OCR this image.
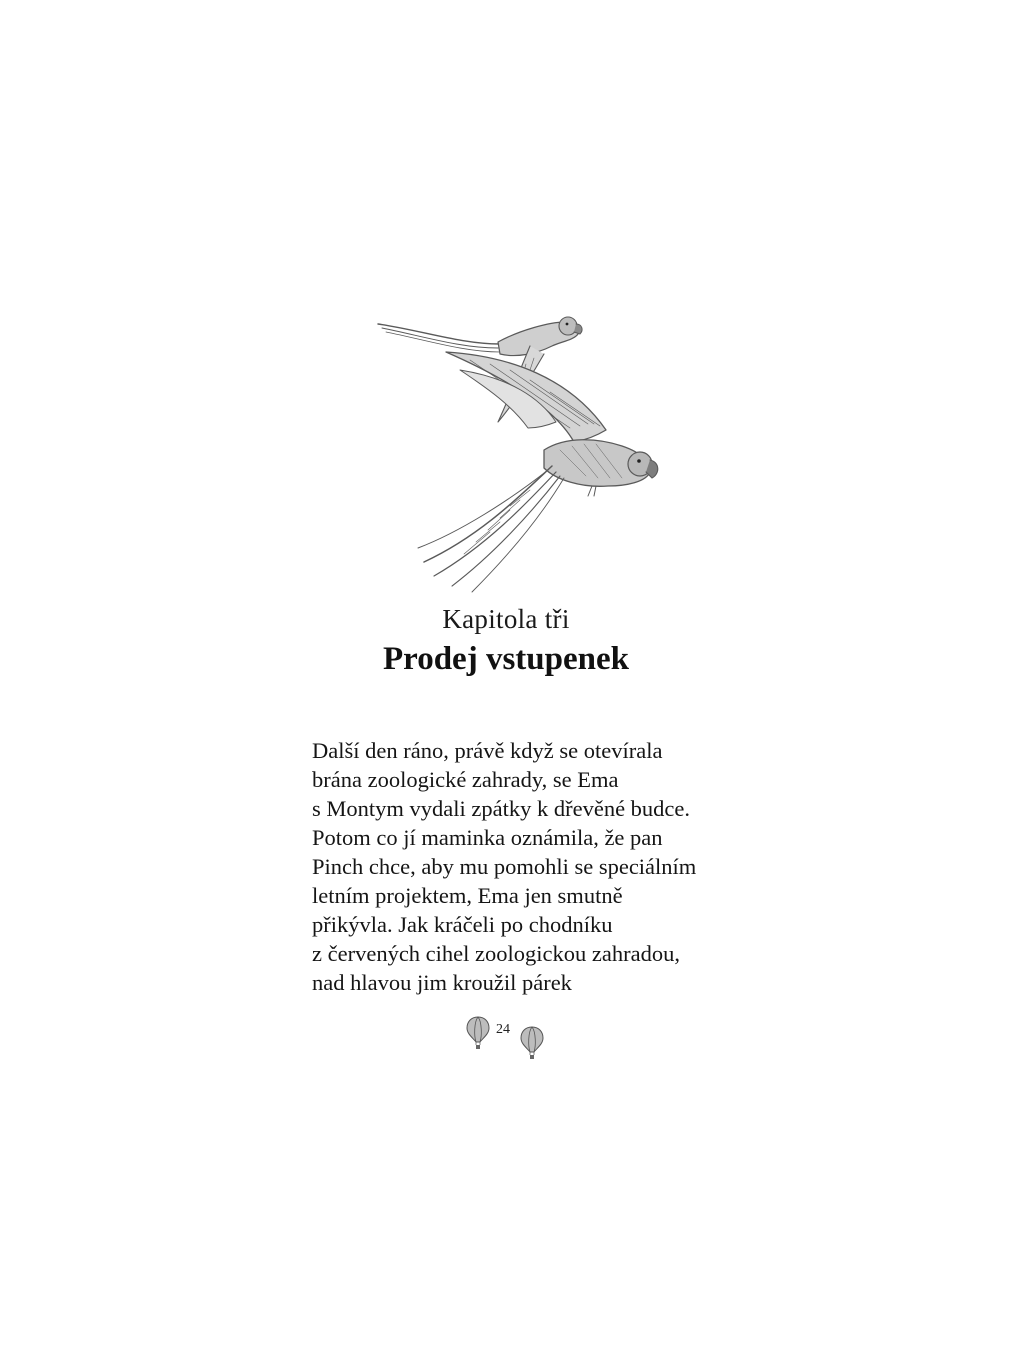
Kapitola tři
Prodej vstupenek
Další den ráno, právě když se otevírala
brána zoologické zahrady, se Ema
s Montym vydali zpátky k dřevěné budce.
Potom co jí maminka oznámila, že pan
Pinch chce, aby mu pomohli se speciálním
letním projektem, Ema jen smutně
přikývla. Jak kráčeli po chodníku
z červených cihel zoologickou zahradou,
nad hlavou jim kroužil párek
24
